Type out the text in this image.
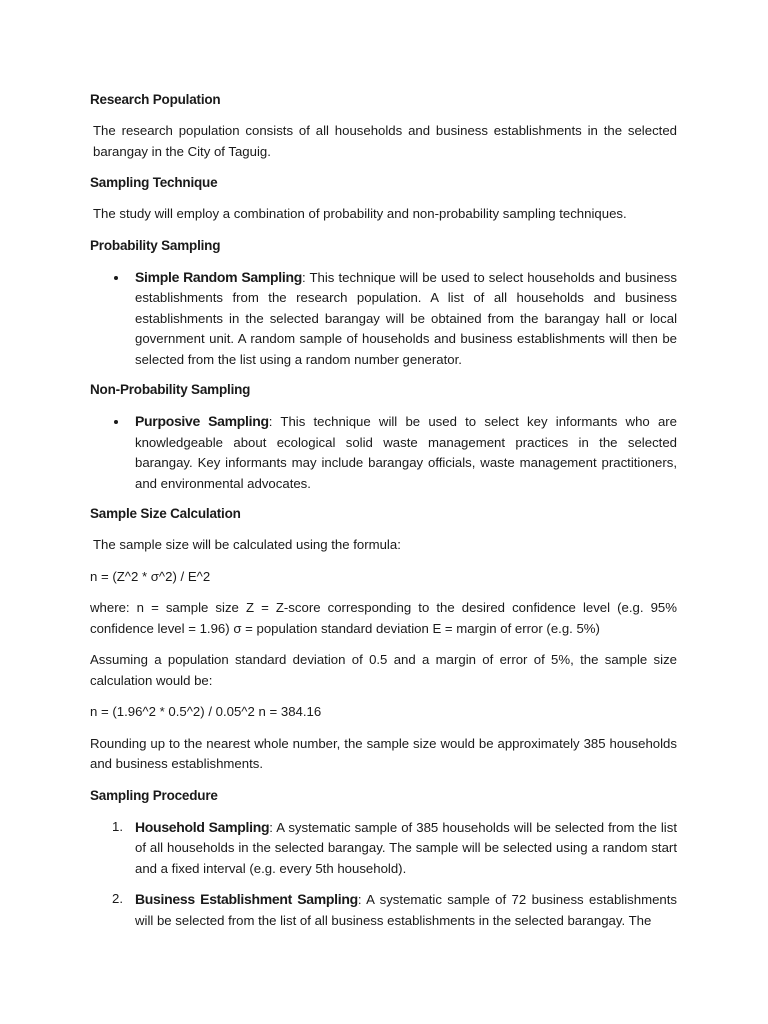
Research Population

The research population consists of all households and business establishments in the selected barangay in the City of Taguig.

Sampling Technique

The study will employ a combination of probability and non-probability sampling techniques.

Probability Sampling
Simple Random Sampling: This technique will be used to select households and business establishments from the research population. A list of all households and business establishments in the selected barangay will be obtained from the barangay hall or local government unit. A random sample of households and business establishments will then be selected from the list using a random number generator.
Non-Probability Sampling
Purposive Sampling: This technique will be used to select key informants who are knowledgeable about ecological solid waste management practices in the selected barangay. Key informants may include barangay officials, waste management practitioners, and environmental advocates.
Sample Size Calculation

The sample size will be calculated using the formula:

n = (Z^2 * σ^2) / E^2

where: n = sample size Z = Z-score corresponding to the desired confidence level (e.g. 95% confidence level = 1.96) σ = population standard deviation E = margin of error (e.g. 5%)

Assuming a population standard deviation of 0.5 and a margin of error of 5%, the sample size calculation would be:

n = (1.96^2 * 0.5^2) / 0.05^2 n = 384.16

Rounding up to the nearest whole number, the sample size would be approximately 385 households and business establishments.

Sampling Procedure
1. Household Sampling: A systematic sample of 385 households will be selected from the list of all households in the selected barangay. The sample will be selected using a random start and a fixed interval (e.g. every 5th household).
2. Business Establishment Sampling: A systematic sample of 72 business establishments will be selected from the list of all business establishments in the selected barangay. The
